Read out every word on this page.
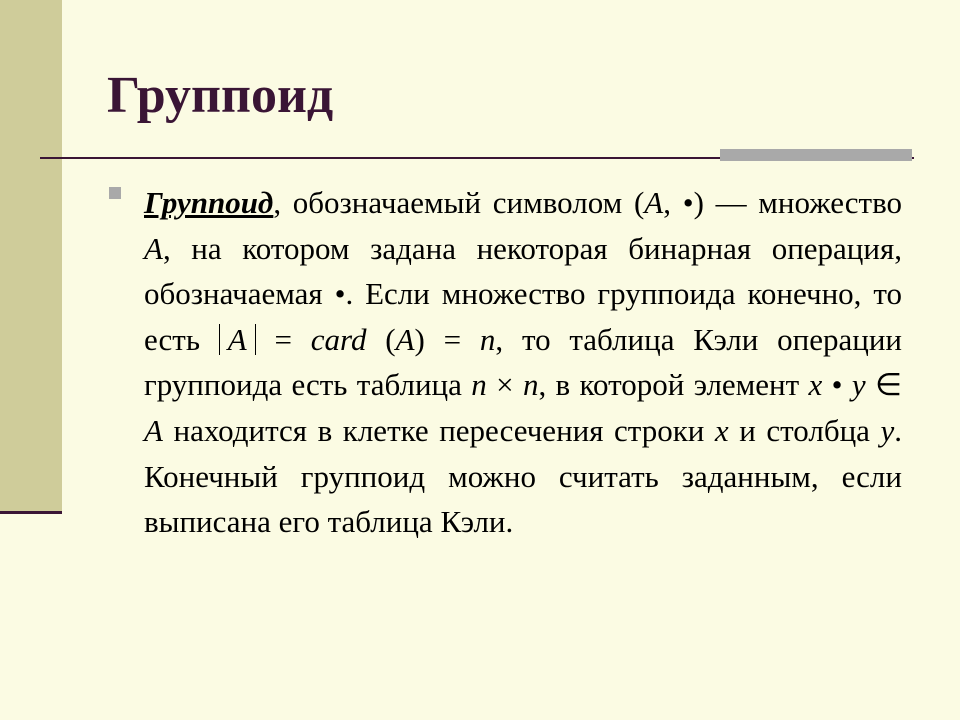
Группоид

Группоид, обозначаемый символом (A, •) — множество A, на котором задана некоторая бинарная операция, обозначаемая •. Если множество группоида конечно, то есть A = card (A) = n, то таблица Кэли операции группоида есть таблица n × n, в которой элемент x • y ∈ A находится в клетке пересечения строки x и столбца y. Конечный группоид можно считать заданным, если выписана его таблица Кэли.
